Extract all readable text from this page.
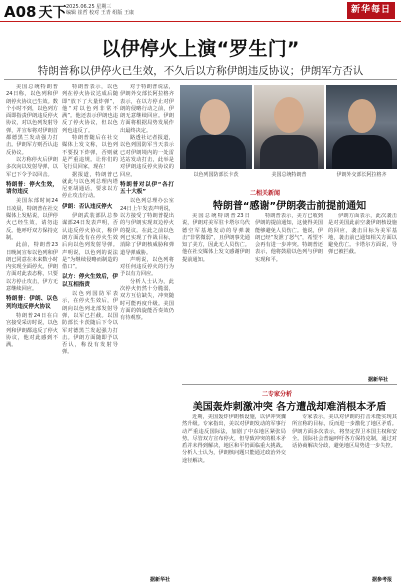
A08 天下 2025.06.25 星期三
编辑 崔哲 校对 王青 组版 王康	新华每日
以伊停火上演“罗生门”
特朗普称以伊停火已生效，不久后以方称伊朗违反协议；伊朗军方否认

美国总统特朗普24日称，以色列和伊朗停火协议已生效。数个小时不到，以色列方面即指责伊朗违反停火协议，对以色列发射导弹，并宣布将对伊朗首都德黑兰发动强力打击。伊朗军方则否认违反协议。

以方称停火后伊朗多次向以发射导弹，以军已下令予以回击。

特朗普：停火生效，请勿违反

美国东部时间24日凌晨，特朗普在社交媒体上发帖说，以伊停火已经生效，请勿违反。他呼吁双方保持克制。

此前，特朗普23日晚间宣布以色列和伊朗已同意在未来数小时内实现全面停火。伊朗方面对此表态称，只要以方停止攻击，伊方无意继续回应。

特朗普：伊朗、以色列均违反停火协议

特朗普24日在白宫接受采访时说，以色列和伊朗都违反了停火协议，他对此感到不满。

特朗普表示，以色列在停火协议达成后随即“放下了大量炸弹”，他“对以色列非常不满”。他还表示伊朗也违反了停火协议，但以色列也违反了。

特朗普随后在社交媒体上发文称，以色列不要投下炸弹，否则就是严重违规。让你们的飞行员回家，现在！

据报道，特朗普已就此与以色列总理内塔尼亚胡通话，要求以方停止攻击行动。

伊朗：否认违反停火

伊朗武装部队总参谋部24日发表声明，否认违反停火协议，称伊朗方面没有在停火生效后向以色列发射导弹。声明说，以色列的说法是“为继续侵略而制造的借口”。

以方：停火生效后，伊以互相指责

以色列国防军表示，在停火生效后，伊朗向以色列北部发射导弹，以军已拦截。以国防部长卡茨随后下令以军对德黑兰发起强力打击。伊朗方面随即予以否认，称没有发射导弹。

对于特朗普说法，伊朗外交部长阿拉格齐表示，在以方停止对伊朗的侵略行动之前，伊朗无意继续回应。伊朗方面将根据局势发展作出最终决定。

路透社记者报道，以色列国防军当天表示已对伊朗境内的一处雷达站发动打击，此举是对伊朗违反停火协议的回应。

特朗普对以伊“各打五十大板”

以色列总理办公室24日上午发表声明说，以方接受了特朗普提出的与伊朗实现双边停火的提议。在此之前以色列已实现了作战目标，消除了伊朗核威胁和弹道导弹威胁。

声明说，以色列将对任何违反停火的行为予以有力回应。

分析人士认为，此次停火仍然十分脆弱，双方互信缺失，冲突随时可能再度升级。美国方面的斡旋能否奏效仍有待观察。

据新华社
以色列国防部长卡茨	美国总统特朗普	伊朗外交部长阿拉格齐
二相关新闻
特朗普“感谢”伊朗袭击前提前通知

美国总统特朗普23日说，伊朗对美军驻卡塔尔乌代德空军基地发动的导弹袭击“非常微弱”，且伊朗事先通知了美方，因此无人员伤亡。他在社交媒体上发文感谢伊朗提前通知。

特朗普表示，美方已收到伊朗的提前通知，这使得美国能够避免人员伤亡。他说，伊朗已经“发泄了怒气”，希望不会再有进一步冲突。特朗普还表示，他将鼓励以色列与伊朗实现和平。

伊朗方面表示，此次袭击是对美国此前空袭伊朗核设施的回应，袭击目标为美军基地，袭击前已通知相关方面以避免伤亡。卡塔尔方面说，导弹已被拦截。

据新华社
二专家分析
美国轰炸刺激冲突 各方遭战却难消根本矛盾

近期，美国轰炸伊朗核设施，以伊冲突骤然升级。专家指出，美以对伊朗发动的军事行动严重违反国际法，加剧了中东地区紧张局势。尽管双方宣布停火，但导致冲突的根本矛盾并未得到解决，地区和平仍面临重大挑战。分析人士认为，伊朗核问题只能通过政治外交途径解决。

专家表示，美以对伊朗的打击未能实现其所宣称的目标，反而进一步激化了地区矛盾。伊朗方面多次表示，将坚定捍卫本国主权和安全。国际社会普遍呼吁各方保持克制，通过对话协商解决分歧，避免地区局势进一步失控。

据参考报
